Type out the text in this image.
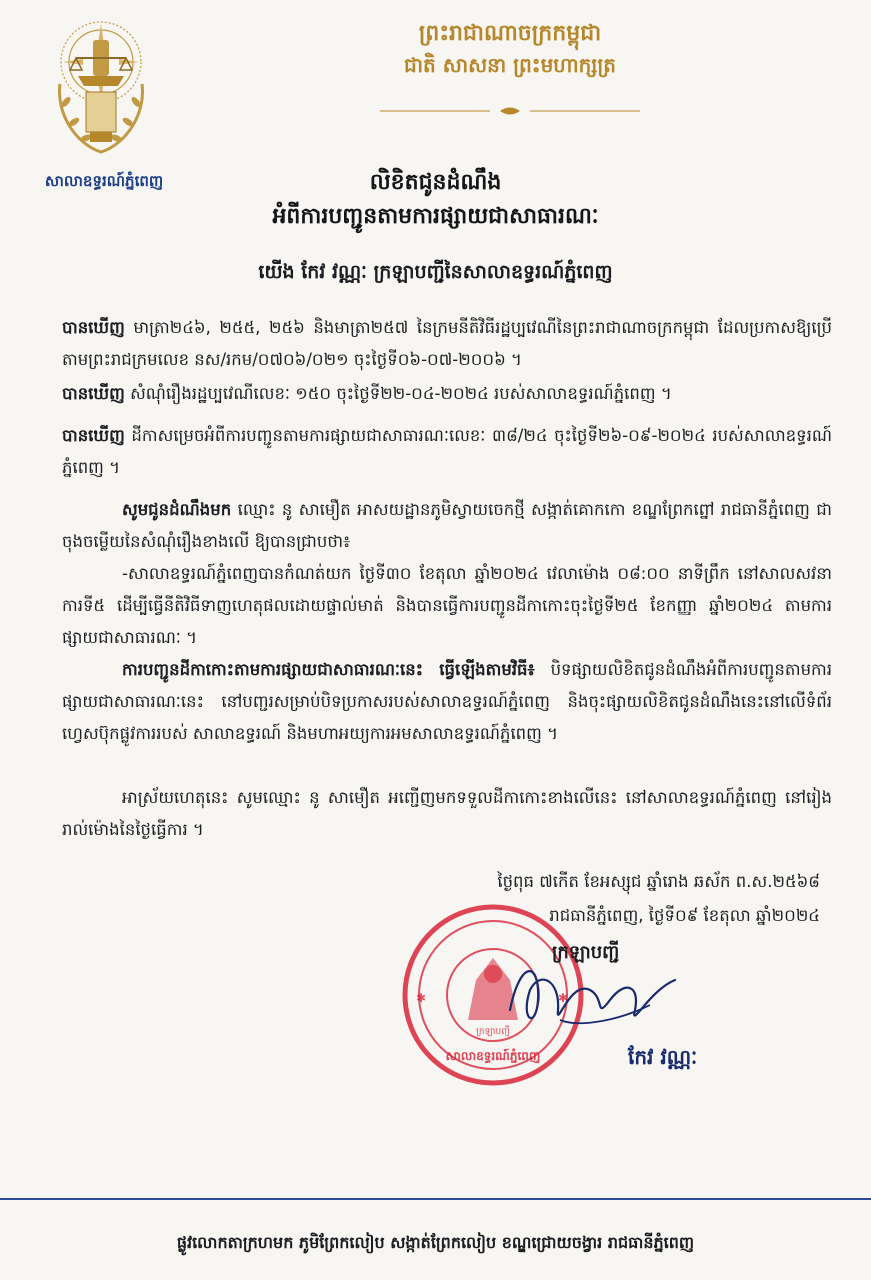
សាលាឧទ្ធរណ៍ភ្នំពេញ
ព្រះរាជាណាចក្រកម្ពុជា
ជាតិ សាសនា ព្រះមហាក្សត្រ
លិខិតជូនដំណឹង
អំពីការបញ្ជូនតាមការផ្សាយជាសាធារណៈ
យើង កែវ វណ្ណៈ ក្រឡាបញ្ជីនៃសាលាឧទ្ធរណ៍ភ្នំពេញ
បានឃើញ មាត្រា២៤៦, ២៥៥, ២៥៦ និងមាត្រា២៥៧ នៃក្រមនីតិវិធីរដ្ឋប្បវេណីនៃព្រះរាជាណាចក្រកម្ពុជា ដែលប្រកាសឱ្យប្រើតាមព្រះរាជក្រមលេខ នស/រកម/០៧០៦/០២១ ចុះថ្ងៃទី០៦-០៧-២០០៦ ។
បានឃើញ សំណុំរឿងរដ្ឋប្បវេណីលេខៈ ១៥០ ចុះថ្ងៃទី២២-០៤-២០២៤ របស់សាលាឧទ្ធរណ៍ភ្នំពេញ ។
បានឃើញ ដីកាសម្រេចអំពីការបញ្ជូនតាមការផ្សាយជាសាធារណៈលេខៈ ៣៨/២៤ ចុះថ្ងៃទី២៦-០៩-២០២៤ របស់សាលាឧទ្ធរណ៍ភ្នំពេញ ។
សូមជូនដំណឹងមក ឈ្មោះ នូ សាមឿត អាសយដ្ឋានភូមិស្វាយចេកថ្មី សង្កាត់គោកកោ ខណ្ឌព្រែកព្នៅ រាជធានីភ្នំពេញ ជាចុងចម្លើយនៃសំណុំរឿងខាងលើ ឱ្យបានជ្រាបថា៖
-សាលាឧទ្ធរណ៍ភ្នំពេញបានកំណត់យក ថ្ងៃទី៣០ ខែតុលា ឆ្នាំ២០២៤ វេលាម៉ោង ០៨:០០ នាទីព្រឹក នៅសាលសវនាការទី៥ ដើម្បីធ្វើនីតិវិធីទាញហេតុផលដោយផ្ទាល់មាត់ និងបានធ្វើការបញ្ជូនដីកាកោះចុះថ្ងៃទី២៥ ខែកញ្ញា ឆ្នាំ២០២៤ តាមការផ្សាយជាសាធារណៈ ។
ការបញ្ជូនដីកាកោះតាមការផ្សាយជាសាធារណៈនេះ ធ្វើឡើងតាមវិធី៖ បិទផ្សាយលិខិតជូនដំណឹងអំពីការបញ្ជូនតាមការផ្សាយជាសាធារណៈនេះ នៅបញ្ជរសម្រាប់បិទប្រកាសរបស់សាលាឧទ្ធរណ៍ភ្នំពេញ និងចុះផ្សាយលិខិតជូនដំណឹងនេះនៅលើទំព័រហ្វេសប៊ុកផ្លូវការរបស់ សាលាឧទ្ធរណ៍ និងមហាអយ្យការអមសាលាឧទ្ធរណ៍ភ្នំពេញ ។
អាស្រ័យហេតុនេះ សូមឈ្មោះ នូ សាមឿត អញ្ជើញមកទទួលដីកាកោះខាងលើនេះ នៅសាលាឧទ្ធរណ៍ភ្នំពេញ នៅរៀងរាល់ម៉ោងនៃថ្ងៃធ្វើការ ។
ថ្ងៃពុធ ៧កើត ខែអស្សុជ ឆ្នាំរោង ឆស័ក ព.ស.២៥៦៨
រាជធានីភ្នំពេញ, ថ្ងៃទី០៩ ខែតុលា ឆ្នាំ២០២៤
✱	✱
សាលាឧទ្ធរណ៍ភ្នំពេញ
ក្រឡាបញ្ជី
ក្រឡាបញ្ជី
កែវ វណ្ណៈ
ផ្លូវលោកតាក្រហមក ភូមិព្រែកលៀប សង្កាត់ព្រែកលៀប ខណ្ឌជ្រោយចង្វារ រាជធានីភ្នំពេញ
